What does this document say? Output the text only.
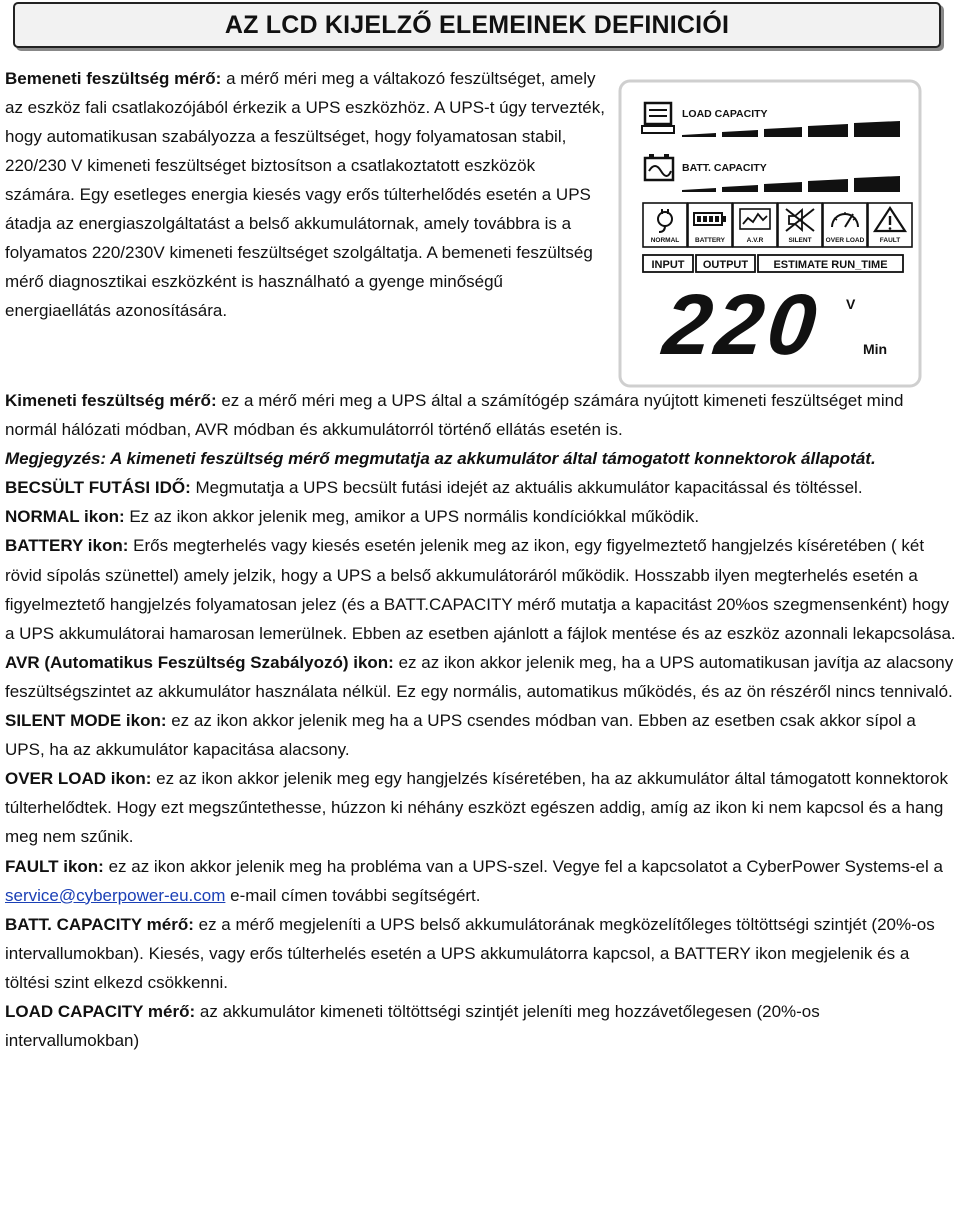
AZ LCD KIJELZŐ ELEMEINEK DEFINICIÓI

Bemeneti feszültség mérő: a mérő méri meg a váltakozó feszültséget, amely az eszköz fali csatlakozójából érkezik a UPS eszközhöz. A UPS-t úgy tervezték, hogy automatikusan szabályozza a feszültséget, hogy folyamatosan stabil, 220/230 V kimeneti feszültséget biztosítson a csatlakoztatott eszközök számára. Egy esetleges energia kiesés vagy erős túlterhelődés esetén a UPS átadja az energiaszolgáltatást a belső akkumulátornak, amely továbbra is a folyamatos 220/230V kimeneti feszültséget szolgáltatja. A bemeneti feszültség mérő diagnosztikai eszközként is használható a gyenge minőségű energiaellátás azonosítására.

LOAD CAPACITY
BATT. CAPACITY
NORMAL BATTERY	A.V.R	SILENT OVER LOAD FAULT
INPUT OUTPUT ESTIMATE RUN_TIME
220 V
Min

Kimeneti feszültség mérő: ez a mérő méri meg a UPS által a számítógép számára nyújtott kimeneti feszültséget mind normál hálózati módban, AVR módban és akkumulátorról történő ellátás esetén is.

Megjegyzés: A kimeneti feszültség mérő megmutatja az akkumulátor által támogatott konnektorok állapotát.

BECSÜLT FUTÁSI IDŐ: Megmutatja a UPS becsült futási idejét az aktuális akkumulátor kapacitással és töltéssel.

NORMAL ikon: Ez az ikon akkor jelenik meg, amikor a UPS normális kondíciókkal működik.

BATTERY ikon: Erős megterhelés vagy kiesés esetén jelenik meg az ikon, egy figyelmeztető hangjelzés kíséretében ( két rövid sípolás szünettel) amely jelzik, hogy a UPS a belső akkumulátoráról működik. Hosszabb ilyen megterhelés esetén a figyelmeztető hangjelzés folyamatosan jelez (és a BATT.CAPACITY mérő mutatja a kapacitást 20%os szegmensenként) hogy a UPS akkumulátorai hamarosan lemerülnek. Ebben az esetben ajánlott a fájlok mentése és az eszköz azonnali lekapcsolása.

AVR (Automatikus Feszültség Szabályozó) ikon: ez az ikon akkor jelenik meg, ha a UPS automatikusan javítja az alacsony feszültségszintet az akkumulátor használata nélkül. Ez egy normális, automatikus működés, és az ön részéről nincs tennivaló.

SILENT MODE ikon: ez az ikon akkor jelenik meg ha a UPS csendes módban van. Ebben az esetben csak akkor sípol a UPS, ha az akkumulátor kapacitása alacsony.

OVER LOAD ikon: ez az ikon akkor jelenik meg egy hangjelzés kíséretében, ha az akkumulátor által támogatott konnektorok túlterhelődtek. Hogy ezt megszűntethesse, húzzon ki néhány eszközt egészen addig, amíg az ikon ki nem kapcsol és a hang meg nem szűnik.

FAULT ikon: ez az ikon akkor jelenik meg ha probléma van a UPS-szel. Vegye fel a kapcsolatot a CyberPower Systems-el a service@cyberpower-eu.com e-mail címen további segítségért.

BATT. CAPACITY mérő: ez a mérő megjeleníti a UPS belső akkumulátorának megközelítőleges töltöttségi szintjét (20%-os intervallumokban). Kiesés, vagy erős túlterhelés esetén a UPS akkumulátorra kapcsol, a BATTERY ikon megjelenik és a töltési szint elkezd csökkenni.

LOAD CAPACITY mérő: az akkumulátor kimeneti töltöttségi szintjét jeleníti meg hozzávetőlegesen (20%-os intervallumokban)
